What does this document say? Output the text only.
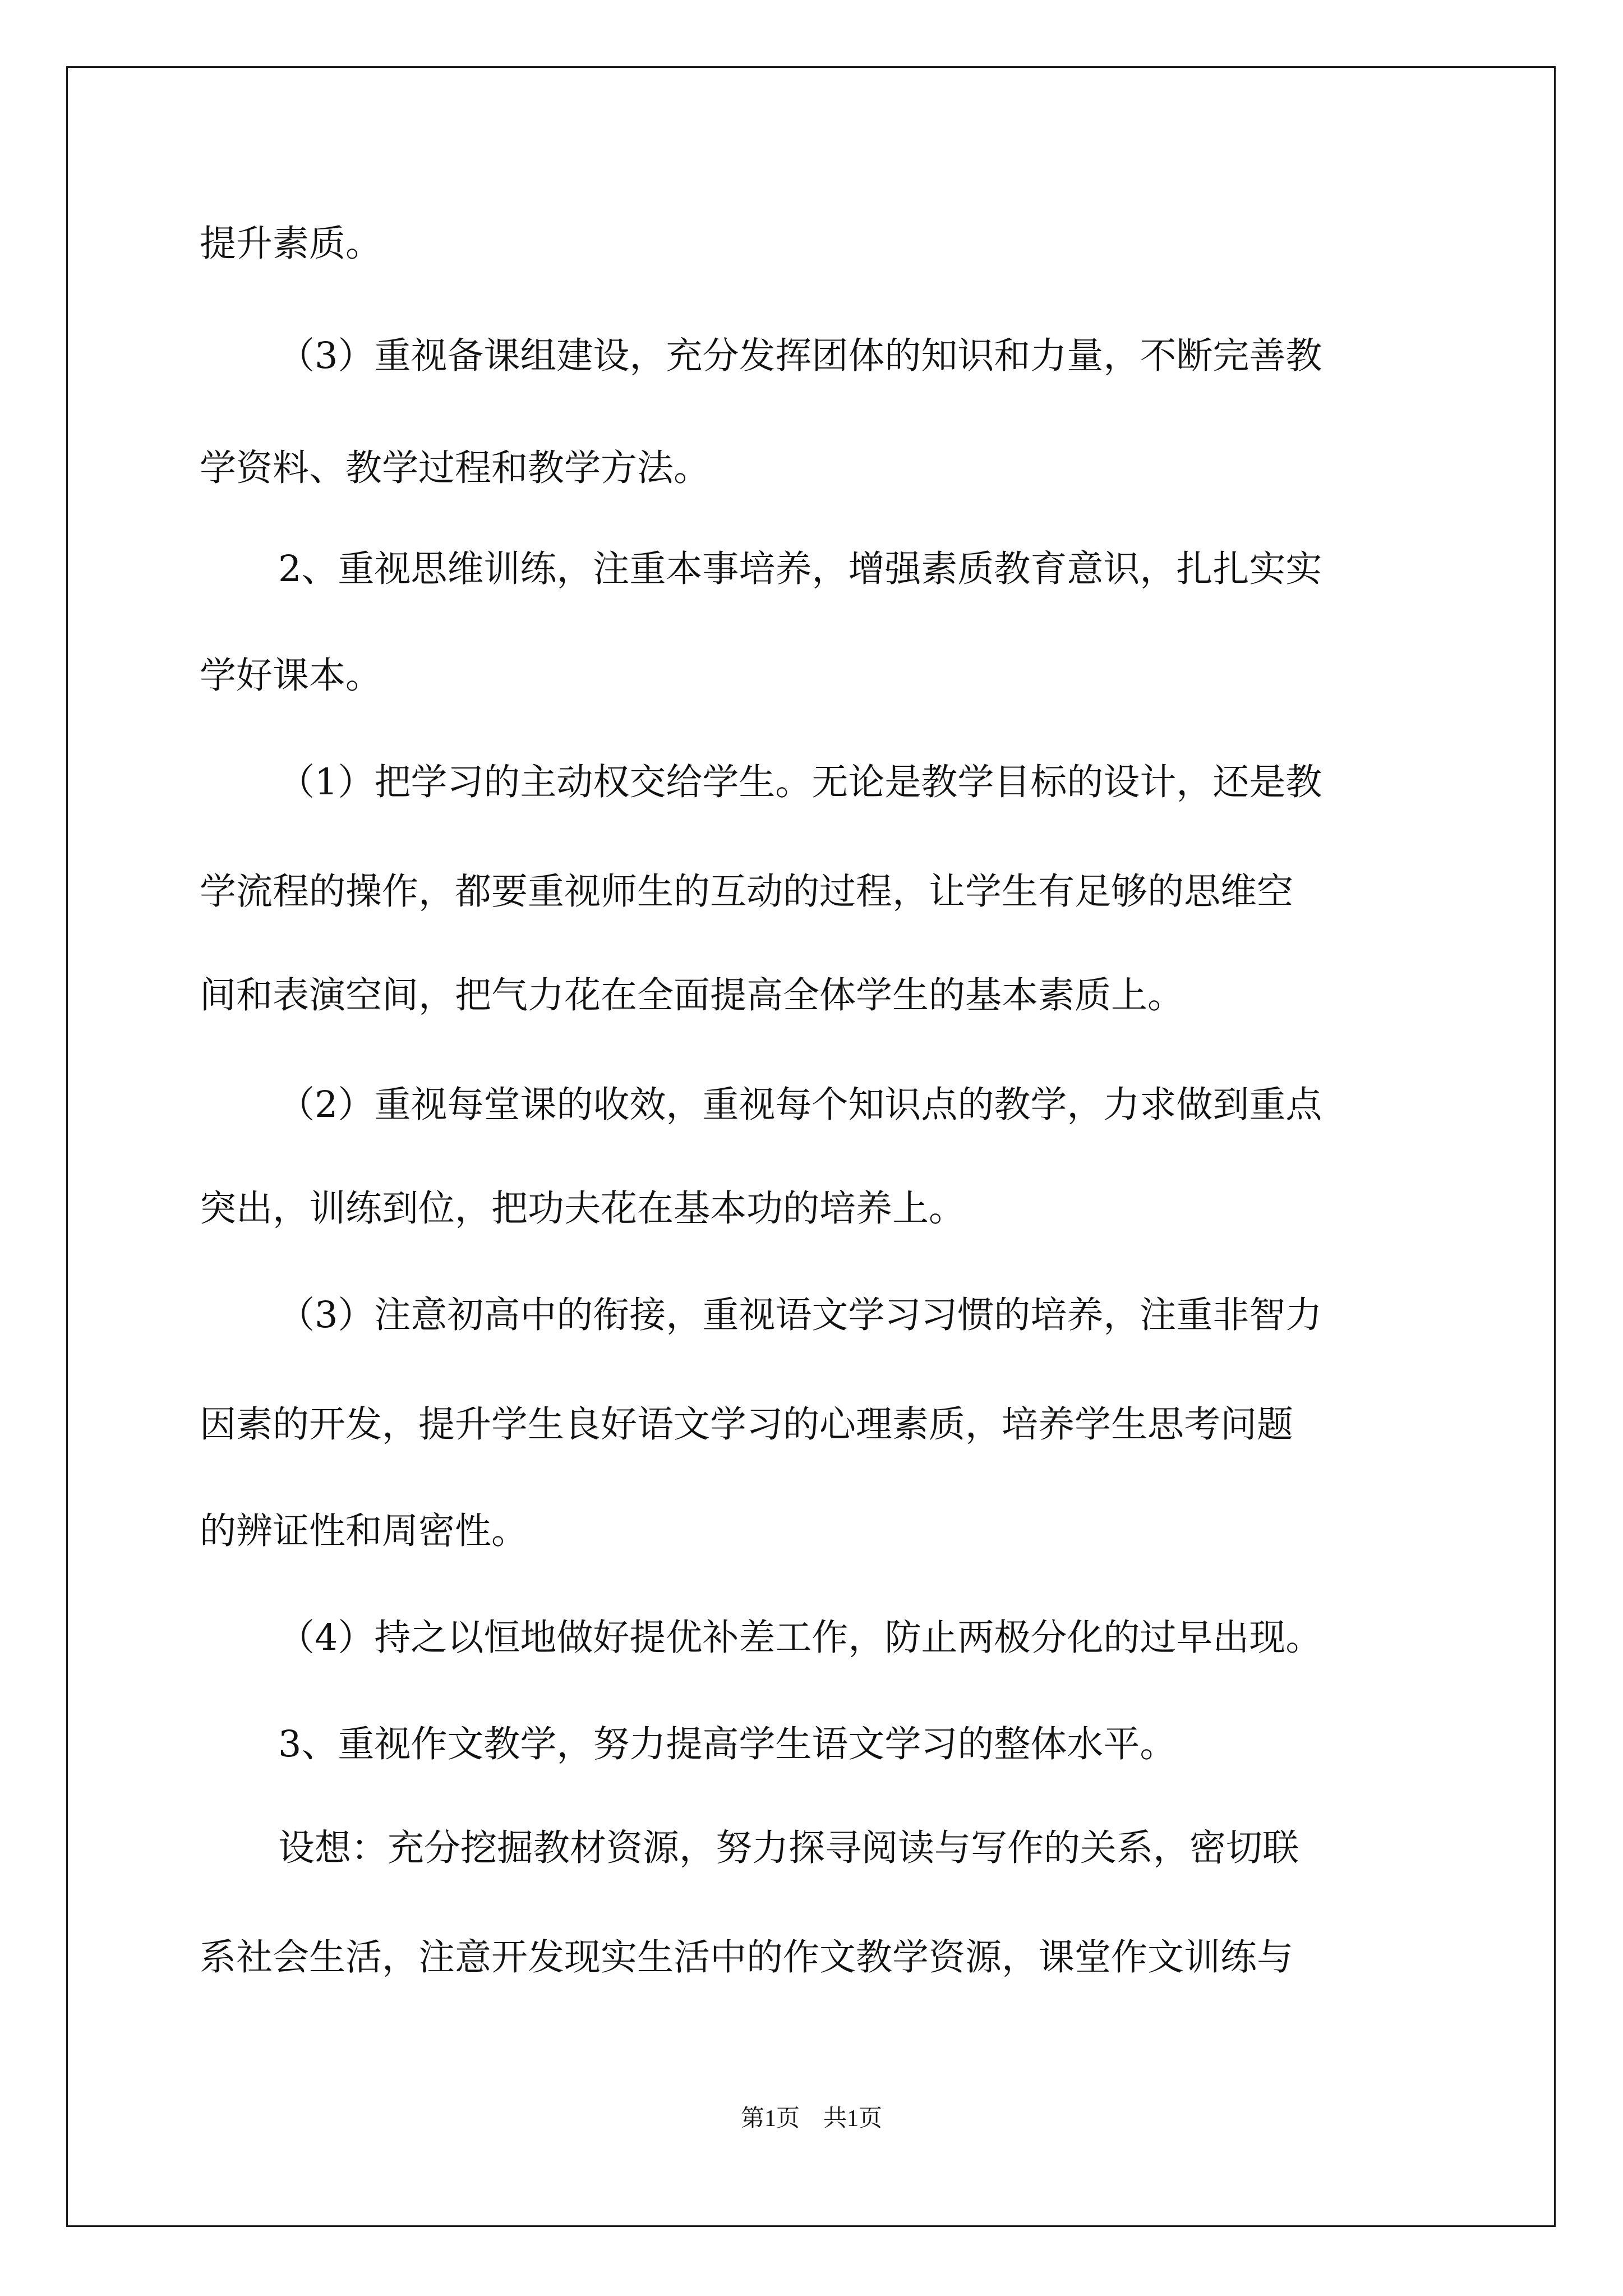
提升素质。
（3）重视备课组建设，充分发挥团体的知识和力量，不断完善教
学资料、教学过程和教学方法。
2、重视思维训练，注重本事培养，增强素质教育意识，扎扎实实
学好课本。
（1）把学习的主动权交给学生。无论是教学目标的设计，还是教
学流程的操作，都要重视师生的互动的过程，让学生有足够的思维空
间和表演空间，把气力花在全面提高全体学生的基本素质上。
（2）重视每堂课的收效，重视每个知识点的教学，力求做到重点
突出，训练到位，把功夫花在基本功的培养上。
（3）注意初高中的衔接，重视语文学习习惯的培养，注重非智力
因素的开发，提升学生良好语文学习的心理素质，培养学生思考问题
的辨证性和周密性。
（4）持之以恒地做好提优补差工作，防止两极分化的过早出现。
3、重视作文教学，努力提高学生语文学习的整体水平。
设想：充分挖掘教材资源，努力探寻阅读与写作的关系，密切联
系社会生活，注意开发现实生活中的作文教学资源，课堂作文训练与
第1页　共1页
